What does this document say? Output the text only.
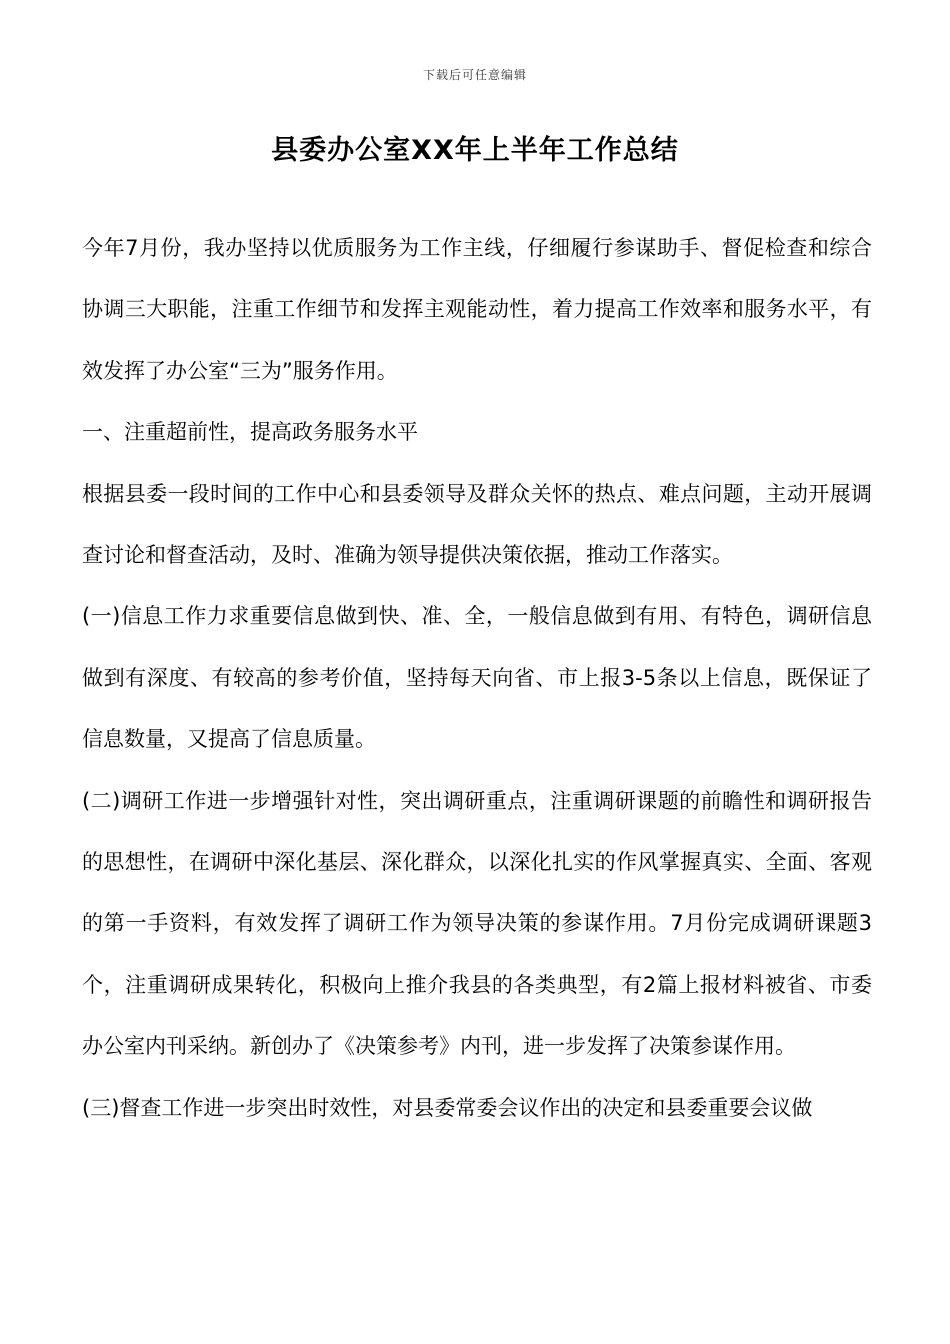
下载后可任意编辑
县委办公室XX年上半年工作总结

今年7月份，我办坚持以优质服务为工作主线，仔细履行参谋助手、督促检查和综合协调三大职能，注重工作细节和发挥主观能动性，着力提高工作效率和服务水平，有效发挥了办公室“三为”服务作用。

一、注重超前性，提高政务服务水平

根据县委一段时间的工作中心和县委领导及群众关怀的热点、难点问题，主动开展调查讨论和督查活动，及时、准确为领导提供决策依据，推动工作落实。

(一)信息工作力求重要信息做到快、准、全，一般信息做到有用、有特色，调研信息做到有深度、有较高的参考价值，坚持每天向省、市上报3-5条以上信息，既保证了信息数量，又提高了信息质量。

(二)调研工作进一步增强针对性，突出调研重点，注重调研课题的前瞻性和调研报告的思想性，在调研中深化基层、深化群众，以深化扎实的作风掌握真实、全面、客观的第一手资料，有效发挥了调研工作为领导决策的参谋作用。7月份完成调研课题3个，注重调研成果转化，积极向上推介我县的各类典型，有2篇上报材料被省、市委办公室内刊采纳。新创办了《决策参考》内刊，进一步发挥了决策参谋作用。

(三)督查工作进一步突出时效性，对县委常委会议作出的决定和县委重要会议做
